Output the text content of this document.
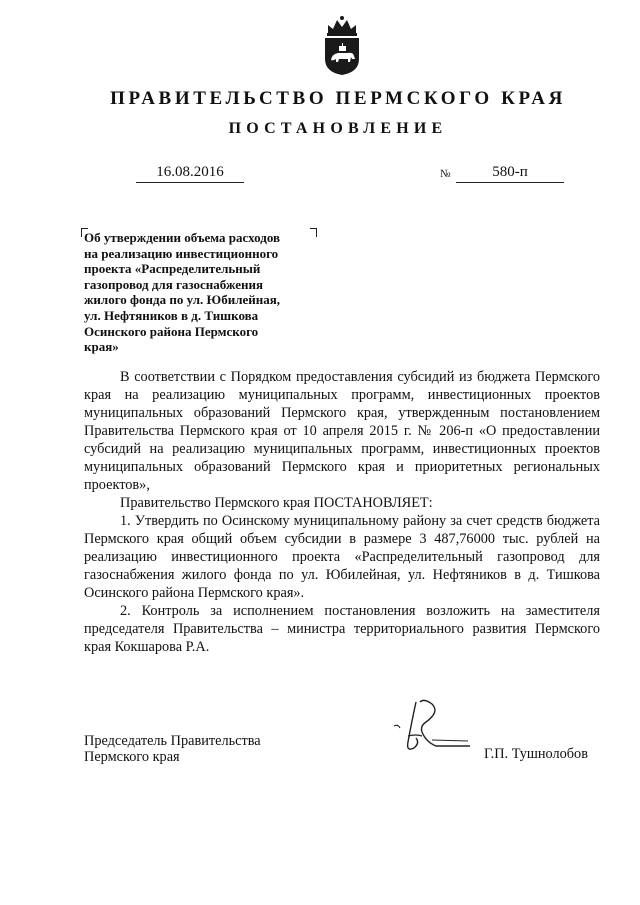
ПРАВИТЕЛЬСТВО ПЕРМСКОГО КРАЯ
ПОСТАНОВЛЕНИЕ
16.08.2016	№	580-п
Об утверждении объема расходов
на реализацию инвестиционного
проекта «Распределительный
газопровод для газоснабжения
жилого фонда по ул. Юбилейная,
ул. Нефтяников в д. Тишкова
Осинского района Пермского
края»

В соответствии с Порядком предоставления субсидий из бюджета Пермского края на реализацию муниципальных программ, инвестиционных проектов муниципальных образований Пермского края, утвержденным постановлением Правительства Пермского края от 10 апреля 2015 г. № 206-п «О предоставлении субсидий на реализацию муниципальных программ, инвестиционных проектов муниципальных образований Пермского края и приоритетных региональных проектов»,

Правительство Пермского края ПОСТАНОВЛЯЕТ:

1. Утвердить по Осинскому муниципальному району за счет средств бюджета Пермского края общий объем субсидии в размере 3 487,76000 тыс. рублей на реализацию инвестиционного проекта «Распределительный газопровод для газоснабжения жилого фонда по ул. Юбилейная, ул. Нефтяников в д. Тишкова Осинского района Пермского края».

2. Контроль за исполнением постановления возложить на заместителя председателя Правительства – министра территориального развития Пермского края Кокшарова Р.А.

Председатель Правительства
Пермского края	Г.П. Тушнолобов
